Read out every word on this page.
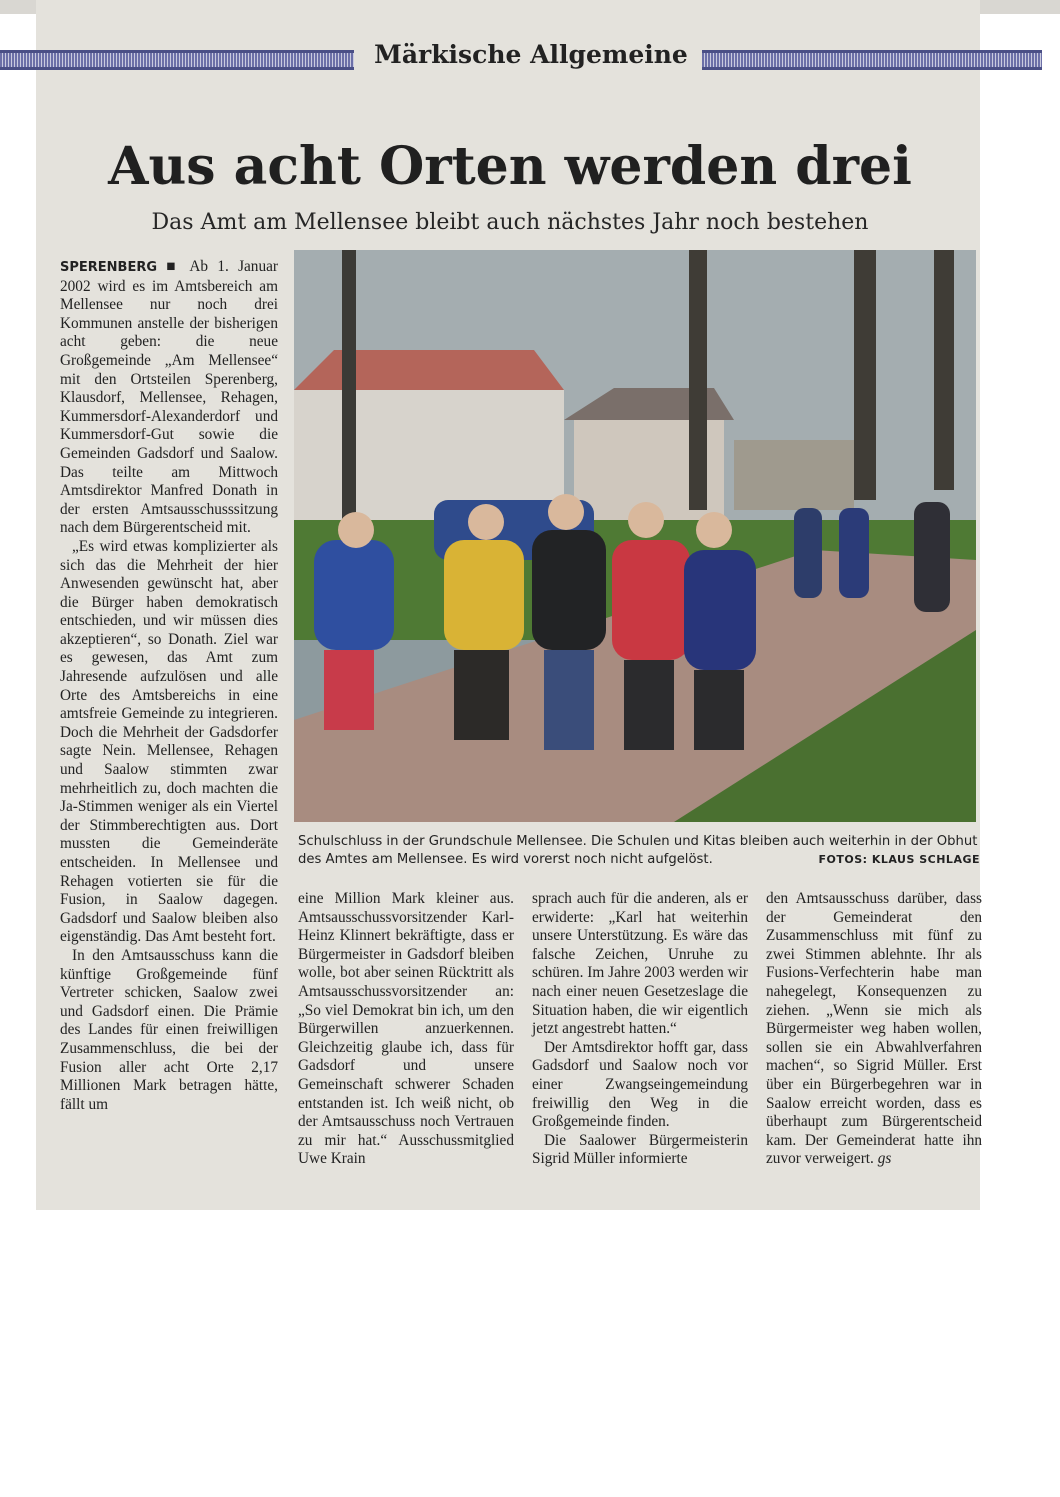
Märkische Allgemeine
Aus acht Orten werden drei
Das Amt am Mellensee bleibt auch nächstes Jahr noch bestehen

SPERENBERG ■ Ab 1. Januar 2002 wird es im Amtsbereich am Mellensee nur noch drei Kommunen anstelle der bisherigen acht geben: die neue Großgemeinde „Am Mellensee“ mit den Ortsteilen Sperenberg, Klausdorf, Mellensee, Rehagen, Kummersdorf-Alexanderdorf und Kummersdorf-Gut sowie die Gemeinden Gadsdorf und Saalow. Das teilte am Mittwoch Amtsdirektor Manfred Donath in der ersten Amtsausschusssitzung nach dem Bürgerentscheid mit.

„Es wird etwas komplizierter als sich das die Mehrheit der hier Anwesenden gewünscht hat, aber die Bürger haben demokratisch entschieden, und wir müssen dies akzeptieren“, so Donath. Ziel war es gewesen, das Amt zum Jahresende aufzulösen und alle Orte des Amtsbereichs in eine amtsfreie Gemeinde zu integrieren. Doch die Mehrheit der Gadsdorfer sagte Nein. Mellensee, Rehagen und Saalow stimmten zwar mehrheitlich zu, doch machten die Ja-Stimmen weniger als ein Viertel der Stimmberechtigten aus. Dort mussten die Gemeinderäte entscheiden. In Mellensee und Rehagen votierten sie für die Fusion, in Saalow dagegen. Gadsdorf und Saalow bleiben also eigenständig. Das Amt besteht fort.

In den Amtsausschuss kann die künftige Großgemeinde fünf Vertreter schicken, Saalow zwei und Gadsdorf einen. Die Prämie des Landes für einen freiwilligen Zusammenschluss, die bei der Fusion aller acht Orte 2,17 Millionen Mark betragen hätte, fällt um

Schulschluss in der Grundschule Mellensee. Die Schulen und Kitas bleiben auch weiterhin in der Obhut des Amtes am Mellensee. Es wird vorerst noch nicht aufgelöst.	FOTOS: KLAUS SCHLAGE

eine Million Mark kleiner aus. Amtsausschussvorsitzender Karl-Heinz Klinnert bekräftigte, dass er Bürgermeister in Gadsdorf bleiben wolle, bot aber seinen Rücktritt als Amtsausschussvorsitzender an: „So viel Demokrat bin ich, um den Bürgerwillen anzuerkennen. Gleichzeitig glaube ich, dass für Gadsdorf und unsere Gemeinschaft schwerer Schaden entstanden ist. Ich weiß nicht, ob der Amtsausschuss noch Vertrauen zu mir hat.“ Ausschussmitglied Uwe Krain

sprach auch für die anderen, als er erwiderte: „Karl hat weiterhin unsere Unterstützung. Es wäre das falsche Zeichen, Unruhe zu schüren. Im Jahre 2003 werden wir nach einer neuen Gesetzeslage die Situation haben, die wir eigentlich jetzt angestrebt hatten.“

Der Amtsdirektor hofft gar, dass Gadsdorf und Saalow noch vor einer Zwangseingemeindung freiwillig den Weg in die Großgemeinde finden.

Die Saalower Bürgermeisterin Sigrid Müller informierte

den Amtsausschuss darüber, dass der Gemeinderat den Zusammenschluss mit fünf zu zwei Stimmen ablehnte. Ihr als Fusions-Verfechterin habe man nahegelegt, Konsequenzen zu ziehen. „Wenn sie mich als Bürgermeister weg haben wollen, sollen sie ein Abwahlverfahren machen“, so Sigrid Müller. Erst über ein Bürgerbegehren war in Saalow erreicht worden, dass es überhaupt zum Bürgerentscheid kam. Der Gemeinderat hatte ihn zuvor verweigert. gs
